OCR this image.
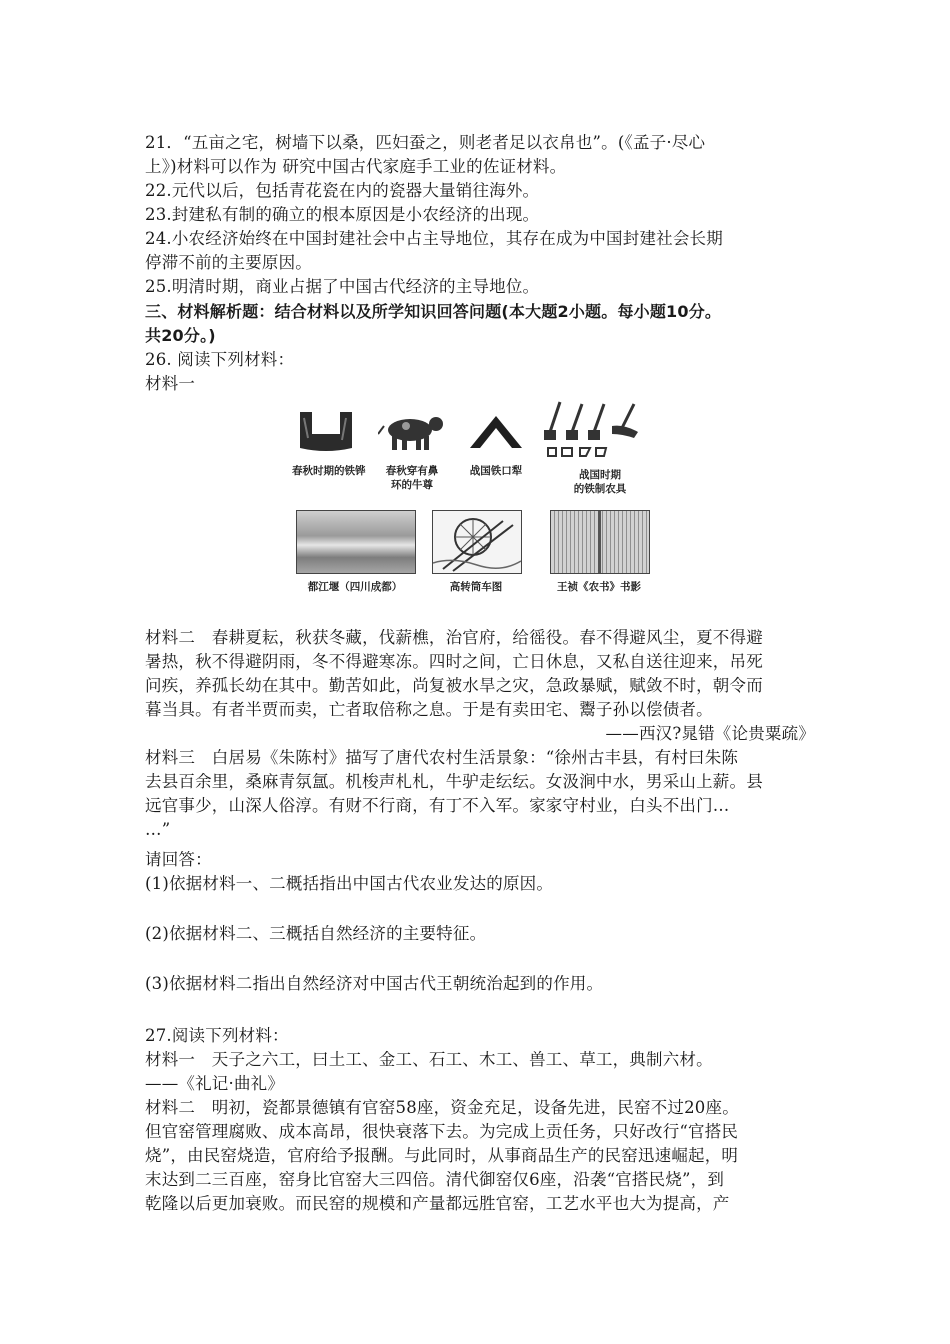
21．“五亩之宅，树墙下以桑，匹妇蚕之，则老者足以衣帛也”。(《孟子·尽心
上》)材料可以作为 研究中国古代家庭手工业的佐证材料。
22.元代以后，包括青花瓷在内的瓷器大量销往海外。
23.封建私有制的确立的根本原因是小农经济的出现。
24.小农经济始终在中国封建社会中占主导地位，其存在成为中国封建社会长期
停滞不前的主要原因。
25.明清时期，商业占据了中国古代经济的主导地位。
三、材料解析题：结合材料以及所学知识回答问题(本大题2小题。每小题10分。
共20分。)
26. 阅读下列材料：
材料一
春秋时期的铁铧	春秋穿有鼻
环的牛尊
战国铁口犁	战国时期
的铁制农具
都江堰（四川成都）	高转筒车图	王祯《农书》书影
材料二　春耕夏耘，秋获冬藏，伐薪樵，治官府，给徭役。春不得避风尘，夏不得避
暑热，秋不得避阴雨，冬不得避寒冻。四时之间，亡日休息，又私自送往迎来，吊死
问疾，养孤长幼在其中。勤苦如此，尚复被水旱之灾，急政暴赋，赋敛不时，朝令而
暮当具。有者半贾而卖，亡者取倍称之息。于是有卖田宅、鬻子孙以偿债者。
——西汉?晁错《论贵粟疏》
材料三　白居易《朱陈村》描写了唐代农村生活景象：“徐州古丰县，有村曰朱陈
去县百余里，桑麻青氛氲。机梭声札札，牛驴走纭纭。女汲涧中水，男采山上薪。县
远官事少，山深人俗淳。有财不行商，有丁不入军。家家守村业，白头不出门…
…”
请回答：
(1)依据材料一、二概括指出中国古代农业发达的原因。
(2)依据材料二、三概括自然经济的主要特征。
(3)依据材料二指出自然经济对中国古代王朝统治起到的作用。
27.阅读下列材料：
材料一　天子之六工，曰土工、金工、石工、木工、兽工、草工，典制六材。
——《礼记·曲礼》
材料二　明初，瓷都景德镇有官窑58座，资金充足，设备先进，民窑不过20座。
但官窑管理腐败、成本高昂，很快衰落下去。为完成上贡任务，只好改行“官搭民
烧”，由民窑烧造，官府给予报酬。与此同时，从事商品生产的民窑迅速崛起，明
末达到二三百座，窑身比官窑大三四倍。清代御窑仅6座，沿袭“官搭民烧”，到
乾隆以后更加衰败。而民窑的规模和产量都远胜官窑，工艺水平也大为提高，产
